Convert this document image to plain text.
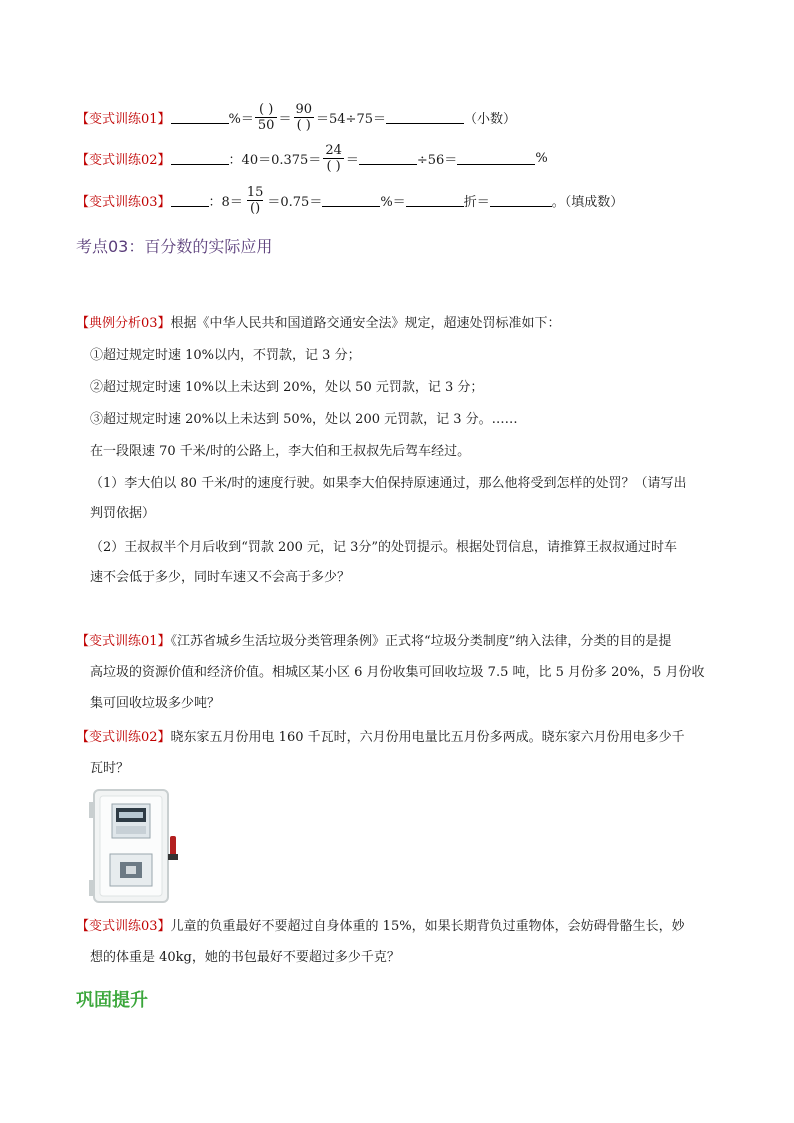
【变式训练01】	%＝ $\frac{( )}{50} = \frac{90}{( )} =54\div 75=$	（小数）
【变式训练02】	：$40=0.375= \frac{24}{( )}$ ＝	÷56＝	%
【变式训练03】	：$8= \frac{15}{()} =0.75=$	%＝	折＝	。（填成数）
考点03：百分数的实际应用
【典例分析03】根据《中华人民共和国道路交通安全法》规定，超速处罚标准如下：
①超过规定时速 10%以内，不罚款，记 3 分；
②超过规定时速 10%以上未达到 20%，处以 50 元罚款，记 3 分；
③超过规定时速 20%以上未达到 50%，处以 200 元罚款，记 3 分。……
在一段限速 70 千米/时的公路上，李大伯和王叔叔先后驾车经过。
（1）李大伯以 80 千米/时的速度行驶。如果李大伯保持原速通过，那么他将受到怎样的处罚？（请写出
判罚依据）
（2）王叔叔半个月后收到“罚款 200 元，记 3分”的处罚提示。根据处罚信息，请推算王叔叔通过时车
速不会低于多少，同时车速又不会高于多少？
【变式训练01】《江苏省城乡生活垃圾分类管理条例》正式将“垃圾分类制度”纳入法律，分类的目的是提
高垃圾的资源价值和经济价值。相城区某小区 6 月份收集可回收垃圾 7.5 吨，比 5 月份多 20%，5 月份收
集可回收垃圾多少吨？
【变式训练02】晓东家五月份用电 160 千瓦时，六月份用电量比五月份多两成。晓东家六月份用电多少千
瓦时？
【变式训练03】儿童的负重最好不要超过自身体重的 15%，如果长期背负过重物体，会妨碍骨骼生长，妙
想的体重是 40kg，她的书包最好不要超过多少千克？
巩固提升
